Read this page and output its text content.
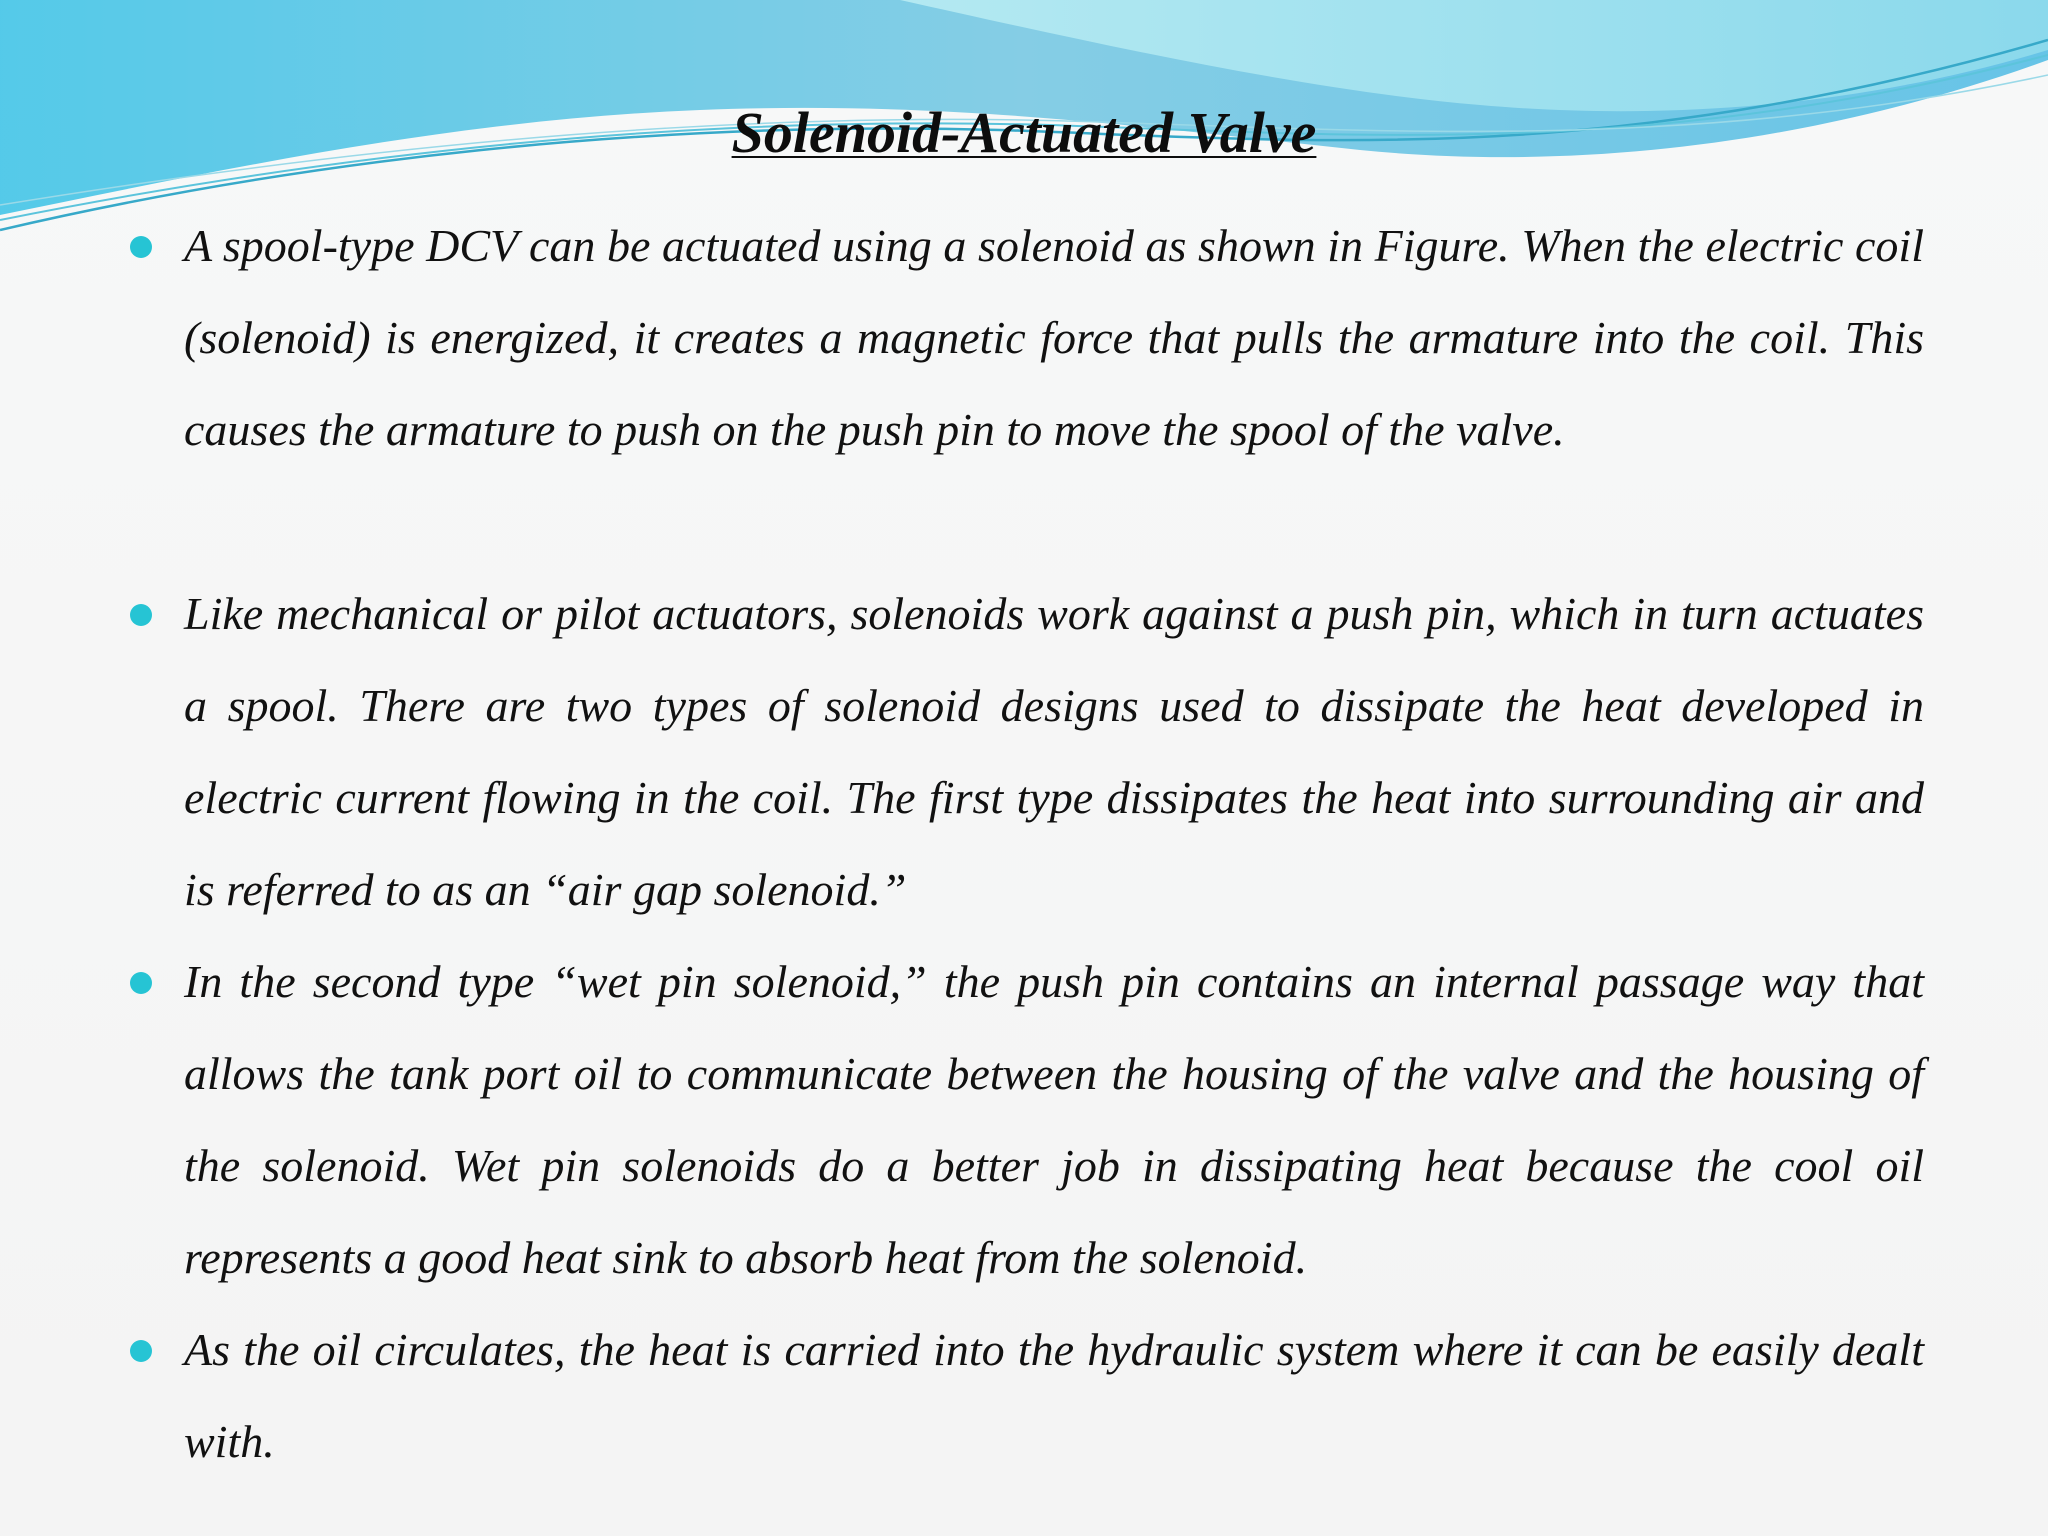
Solenoid-Actuated Valve
A spool-type DCV can be actuated using a solenoid as shown in Figure. When the electric coil (solenoid) is energized, it creates a magnetic force that pulls the armature into the coil. This causes the armature to push on the push pin to move the spool of the valve.
Like mechanical or pilot actuators, solenoids work against a push pin, which in turn actuates a spool. There are two types of solenoid designs used to dissipate the heat developed in electric current flowing in the coil. The first type dissipates the heat into surrounding air and is referred to as an “air gap solenoid.”
In the second type “wet pin solenoid,” the push pin contains an internal passage way that allows the tank port oil to communicate between the housing of the valve and the housing of the solenoid. Wet pin solenoids do a better job in dissipating heat because the cool oil represents a good heat sink to absorb heat from the solenoid.
As the oil circulates, the heat is carried into the hydraulic system where it can be easily dealt with.
